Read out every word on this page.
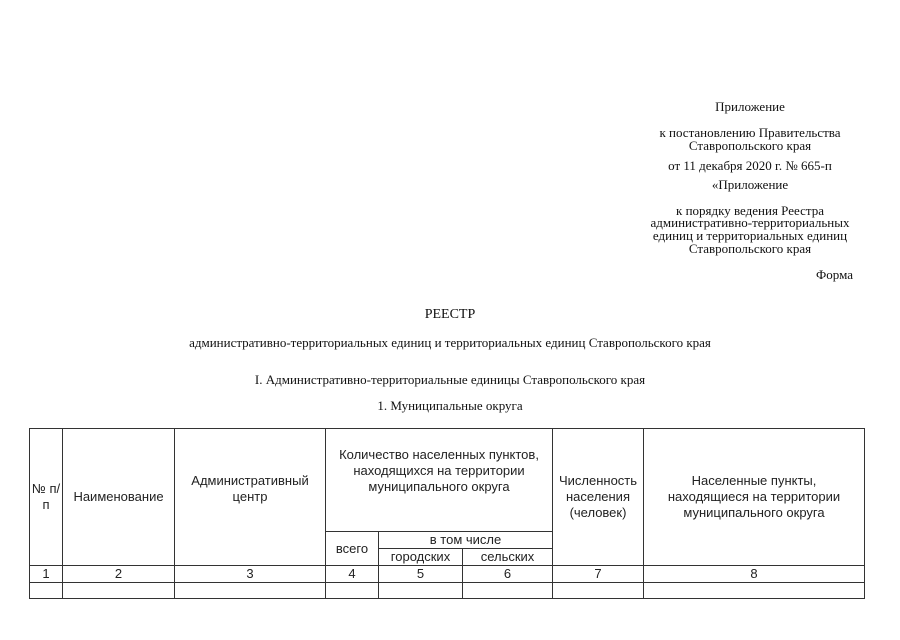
Приложение
к постановлению Правительства
Ставропольского края
от 11 декабря 2020 г. № 665-п
«Приложение
к порядку ведения Реестра
административно-территориальных
единиц и территориальных единиц
Ставропольского края
Форма
РЕЕСТР
административно-территориальных единиц и территориальных единиц Ставропольского края
I. Административно-территориальные единицы Ставропольского края
1. Муниципальные округа
№ п/п	Наименование	Административный центр	Количество населенных пунктов, находящихся на территории муниципального округа			Численность населения (человек)	Населенные пункты, находящиеся на территории муниципального округа
			всего	в том числе			
				городских	сельских		
1	2	3	4	5	6	7	8
